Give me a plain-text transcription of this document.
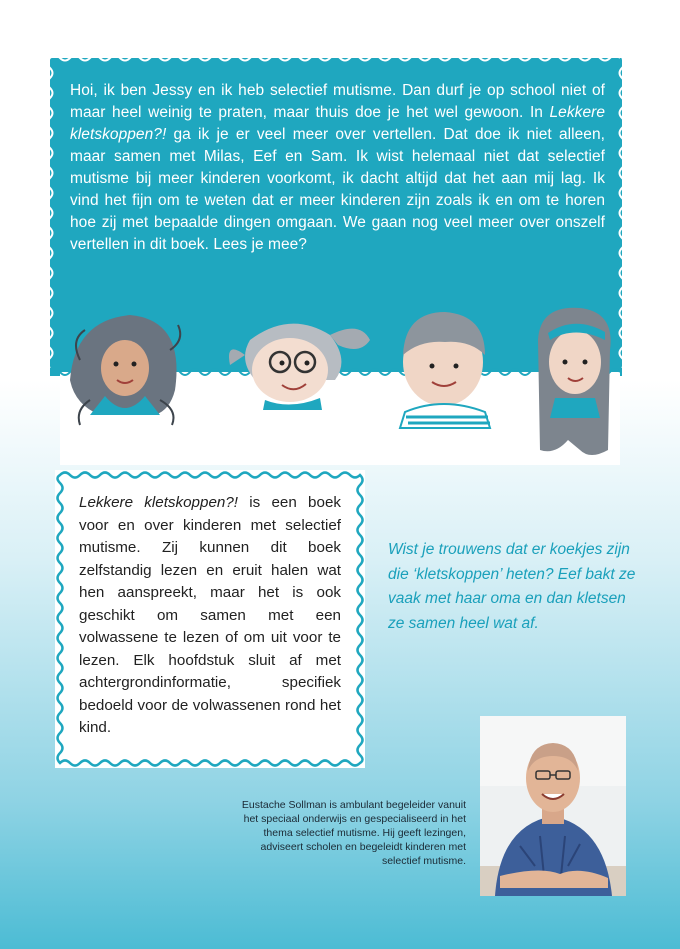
Hoi, ik ben Jessy en ik heb selectief mutisme. Dan durf je op school niet of maar heel weinig te praten, maar thuis doe je het wel gewoon. In Lekkere kletskoppen?! ga ik je er veel meer over vertellen. Dat doe ik niet alleen, maar samen met Milas, Eef en Sam. Ik wist helemaal niet dat selectief mutisme bij meer kinderen voorkomt, ik dacht altijd dat het aan mij lag. Ik vind het fijn om te weten dat er meer kinderen zijn zoals ik en om te horen hoe zij met bepaalde dingen omgaan. We gaan nog veel meer over onszelf vertellen in dit boek. Lees je mee?

Lekkere kletskoppen?! is een boek voor en over kinderen met selectief mutisme. Zij kunnen dit boek zelfstandig lezen en eruit halen wat hen aanspreekt, maar het is ook geschikt om samen met een volwassene te lezen of om uit voor te lezen. Elk hoofdstuk sluit af met achtergrondinformatie, specifiek bedoeld voor de volwassenen rond het kind.

Wist je trouwens dat er koekjes zijn die ‘kletskoppen’ heten? Eef bakt ze vaak met haar oma en dan kletsen ze samen heel wat af.

Eustache Sollman is ambulant begeleider vanuit het speciaal onderwijs en gespecialiseerd in het thema selectief mutisme. Hij geeft lezingen, adviseert scholen en begeleidt kinderen met selectief mutisme.
